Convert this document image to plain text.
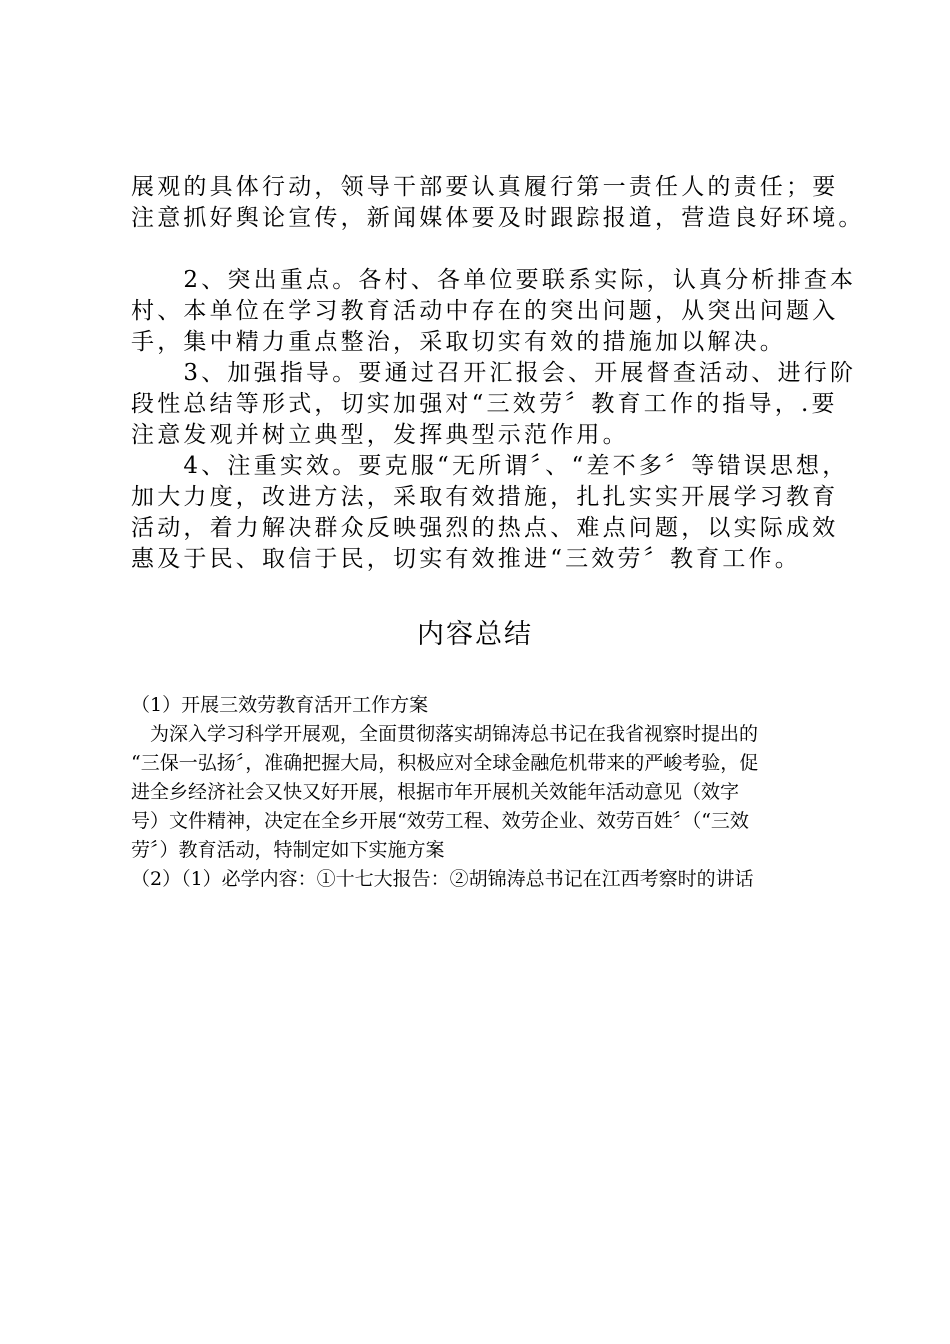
展观的具体行动，领导干部要认真履行第一责任人的责任；要
注意抓好舆论宣传，新闻媒体要及时跟踪报道，营造良好环境。
　　2、突出重点。各村、各单位要联系实际，认真分析排查本
村、本单位在学习教育活动中存在的突出问题，从突出问题入
手，集中精力重点整治，采取切实有效的措施加以解决。
　　3、加强指导。要通过召开汇报会、开展督查活动、进行阶
段性总结等形式，切实加强对“三效劳〞教育工作的指导，.要
注意发观并树立典型，发挥典型示范作用。
　　4、注重实效。要克服“无所谓〞、“差不多〞等错误思想，
加大力度，改进方法，采取有效措施，扎扎实实开展学习教育
活动，着力解决群众反映强烈的热点、难点问题，以实际成效
惠及于民、取信于民，切实有效推进“三效劳〞教育工作。
内容总结
（1）开展三效劳教育活开工作方案
　为深入学习科学开展观，全面贯彻落实胡锦涛总书记在我省视察时提出的
“三保一弘扬〞，准确把握大局，积极应对全球金融危机带来的严峻考验，促
进全乡经济社会又快又好开展，根据市年开展机关效能年活动意见（效字
号）文件精神，决定在全乡开展“效劳工程、效劳企业、效劳百姓〞（“三效
劳〞）教育活动，特制定如下实施方案
（2）（1）必学内容：①十七大报告：②胡锦涛总书记在江西考察时的讲话
